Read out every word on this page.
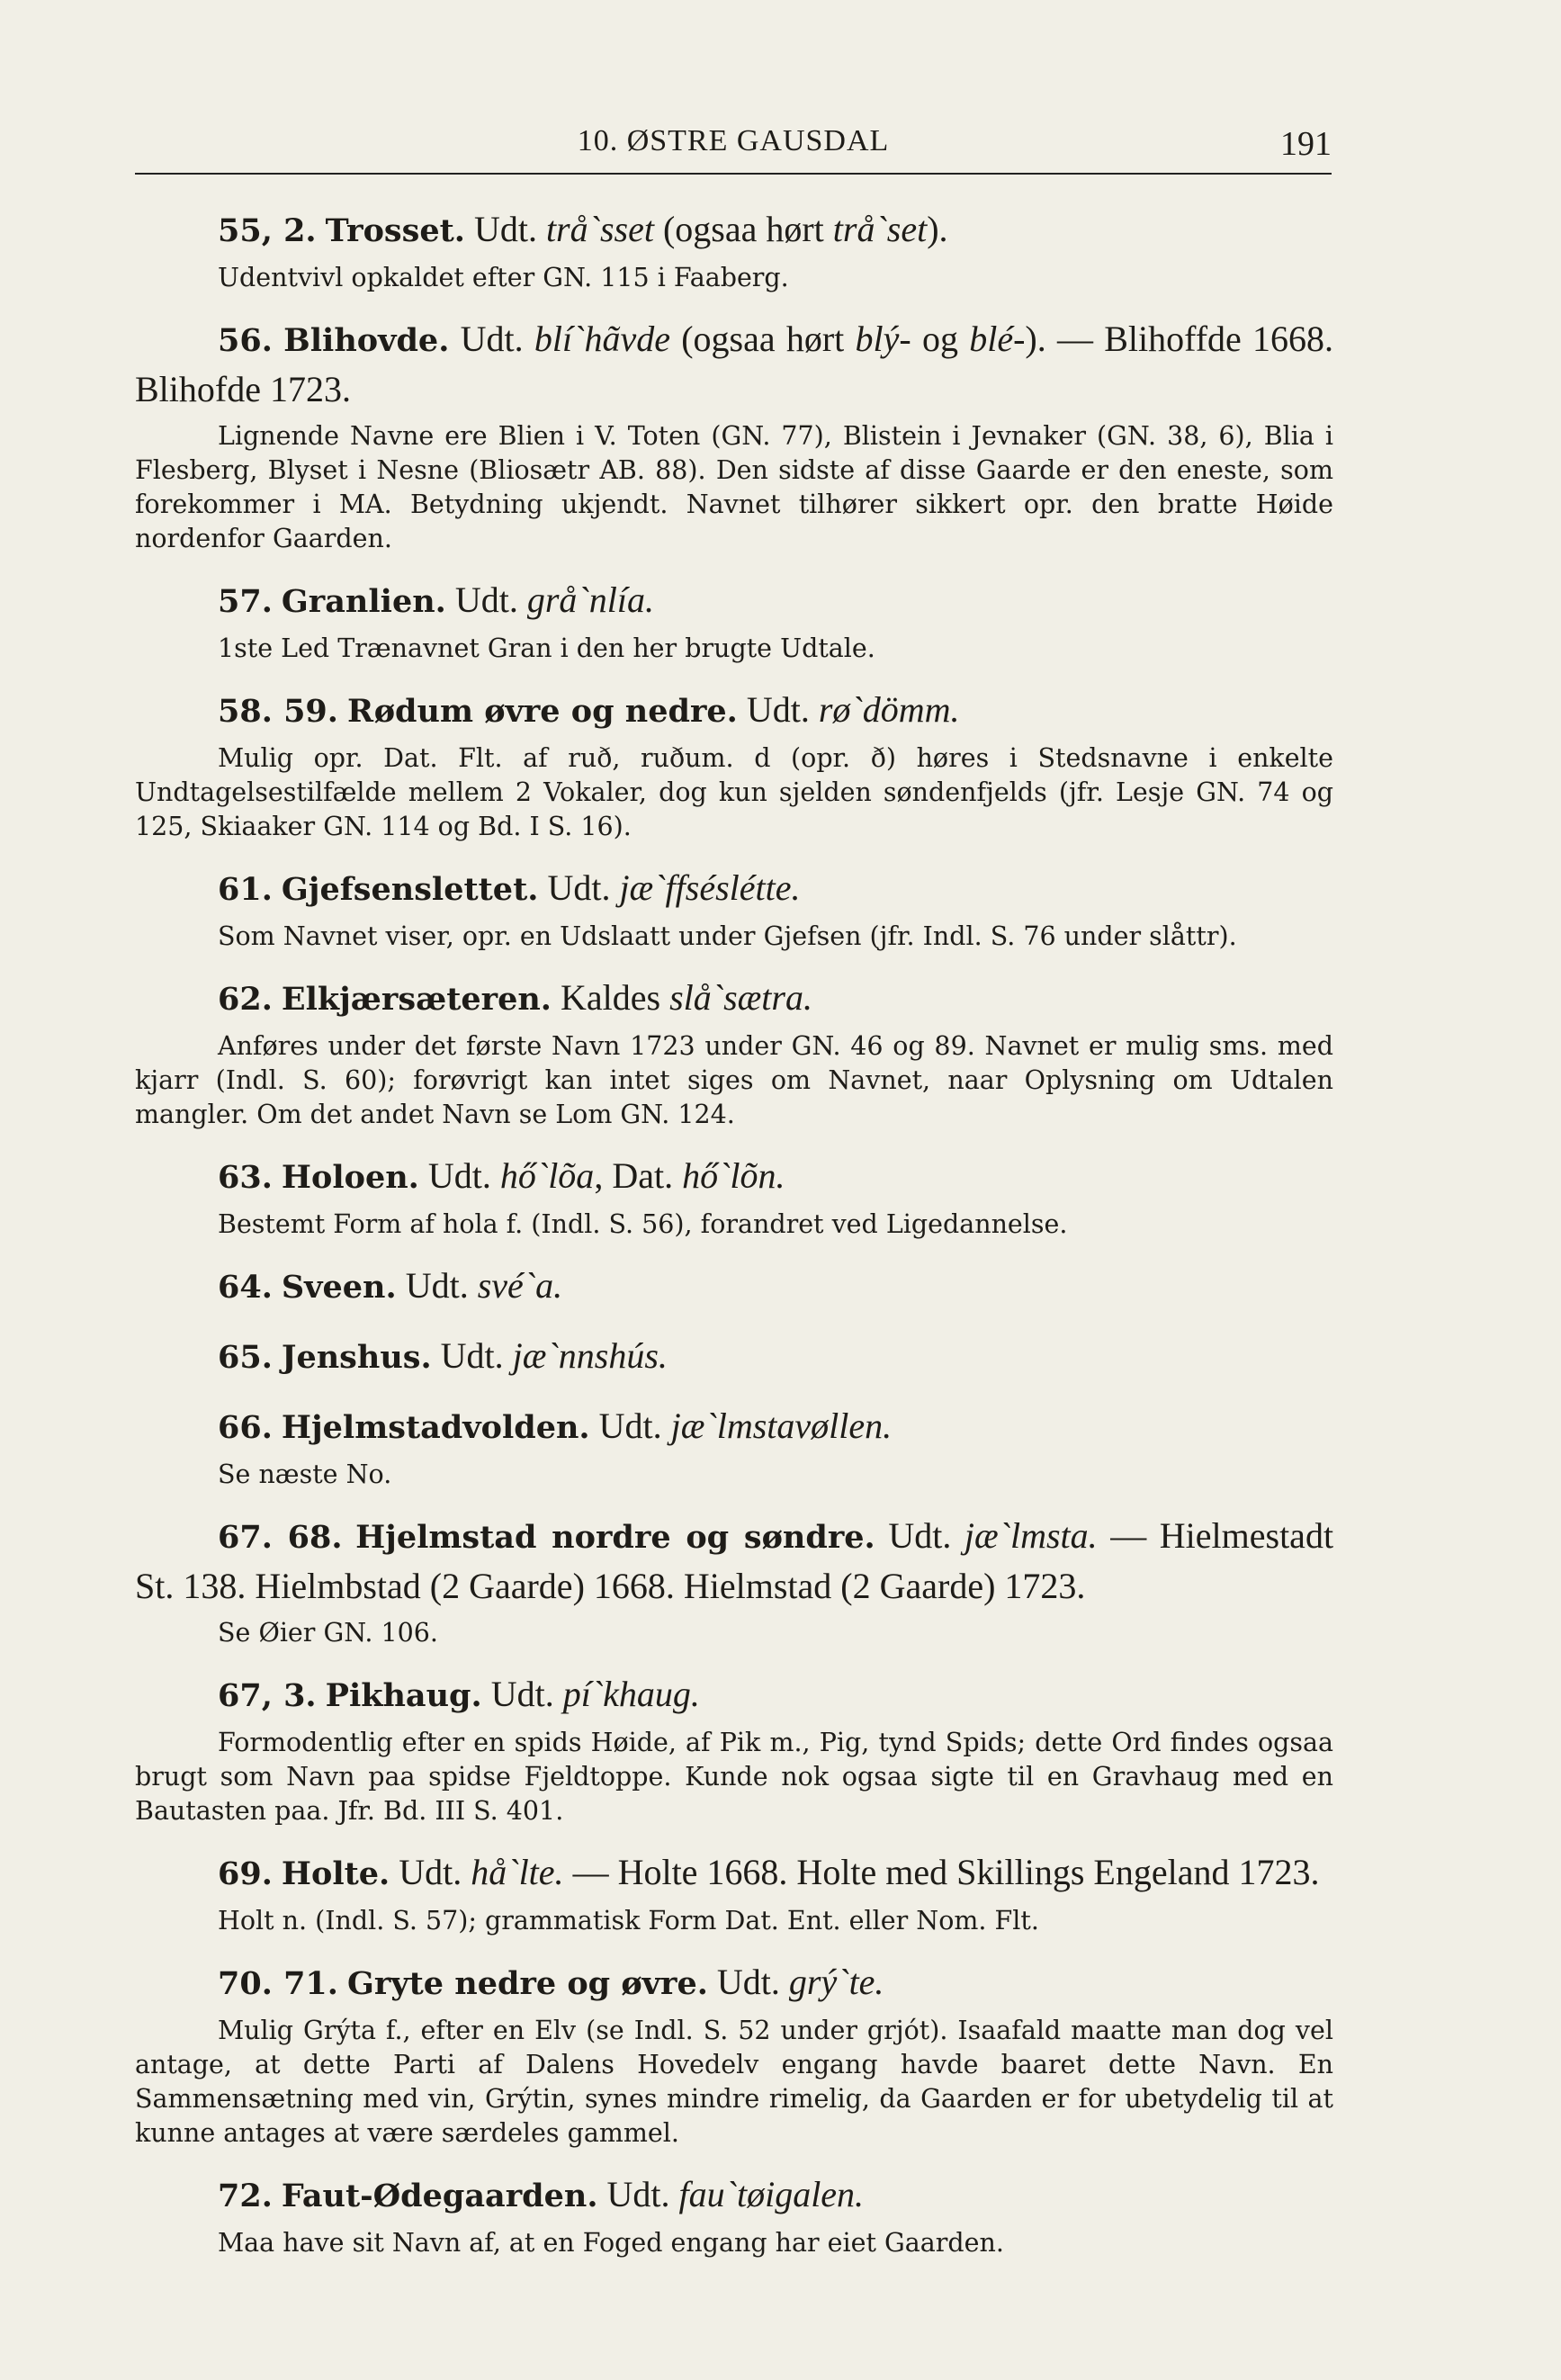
10. ØSTRE GAUSDAL	191

55, 2. Trosset. Udt. trå`sset (ogsaa hørt trå`set).

Udentvivl opkaldet efter GN. 115 i Faaberg.

56. Blihovde. Udt. blí`hãvde (ogsaa hørt blý- og blé-). — Blihoffde 1668. Blihofde 1723.

Lignende Navne ere Blien i V. Toten (GN. 77), Blistein i Jevnaker (GN. 38, 6), Blia i Flesberg, Blyset i Nesne (Bliosætr AB. 88). Den sidste af disse Gaarde er den eneste, som forekommer i MA. Betydning ukjendt. Navnet tilhører sikkert opr. den bratte Høide nordenfor Gaarden.

57. Granlien. Udt. grå`nlía.

1ste Led Trænavnet Gran i den her brugte Udtale.

58. 59. Rødum øvre og nedre. Udt. rø`dömm.

Mulig opr. Dat. Flt. af ruð, ruðum. d (opr. ð) høres i Stedsnavne i enkelte Undtagelsestilfælde mellem 2 Vokaler, dog kun sjelden søndenfjelds (jfr. Lesje GN. 74 og 125, Skiaaker GN. 114 og Bd. I S. 16).

61. Gjefsenslettet. Udt. jæ`ffséslétte.

Som Navnet viser, opr. en Udslaatt under Gjefsen (jfr. Indl. S. 76 under slåttr).

62. Elkjærsæteren. Kaldes slå`sætra.

Anføres under det første Navn 1723 under GN. 46 og 89. Navnet er mulig sms. med kjarr (Indl. S. 60); forøvrigt kan intet siges om Navnet, naar Oplysning om Udtalen mangler. Om det andet Navn se Lom GN. 124.

63. Holoen. Udt. hő`lõa, Dat. hő`lõn.

Bestemt Form af hola f. (Indl. S. 56), forandret ved Ligedannelse.

64. Sveen. Udt. své`a.

65. Jenshus. Udt. jæ`nnshús.

66. Hjelmstadvolden. Udt. jæ`lmstavøllen.

Se næste No.

67. 68. Hjelmstad nordre og søndre. Udt. jæ`lmsta. — Hielmestadt St. 138. Hielmbstad (2 Gaarde) 1668. Hielmstad (2 Gaarde) 1723.

Se Øier GN. 106.

67, 3. Pikhaug. Udt. pí`khaug.

Formodentlig efter en spids Høide, af Pik m., Pig, tynd Spids; dette Ord findes ogsaa brugt som Navn paa spidse Fjeldtoppe. Kunde nok ogsaa sigte til en Gravhaug med en Bautasten paa. Jfr. Bd. III S. 401.

69. Holte. Udt. hå`lte. — Holte 1668. Holte med Skillings Engeland 1723.

Holt n. (Indl. S. 57); grammatisk Form Dat. Ent. eller Nom. Flt.

70. 71. Gryte nedre og øvre. Udt. grý`te.

Mulig Grýta f., efter en Elv (se Indl. S. 52 under grjót). Isaafald maatte man dog vel antage, at dette Parti af Dalens Hovedelv engang havde baaret dette Navn. En Sammensætning med vin, Grýtin, synes mindre rimelig, da Gaarden er for ubetydelig til at kunne antages at være særdeles gammel.

72. Faut-Ødegaarden. Udt. fau`tøigalen.

Maa have sit Navn af, at en Foged engang har eiet Gaarden.
